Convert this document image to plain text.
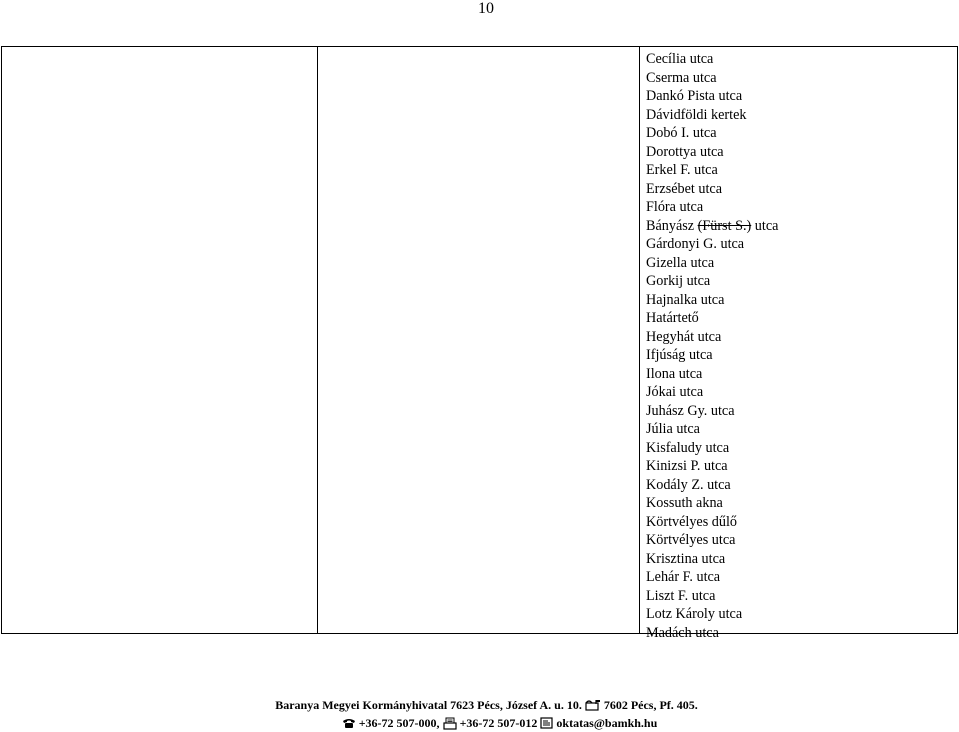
10
Cecília utca
Cserma utca
Dankó Pista utca
Dávidföldi kertek
Dobó I. utca
Dorottya utca
Erkel F. utca
Erzsébet utca
Flóra utca
Bányász (Fürst S.) utca
Gárdonyi G. utca
Gizella utca
Gorkij utca
Hajnalka utca
Határtető
Hegyhát utca
Ifjúság utca
Ilona utca
Jókai utca
Juhász Gy. utca
Júlia utca
Kisfaludy utca
Kinizsi P. utca
Kodály Z. utca
Kossuth akna
Körtvélyes dűlő
Körtvélyes utca
Krisztina utca
Lehár F. utca
Liszt F. utca
Lotz Károly utca
Madách utca
Baranya Megyei Kormányhivatal 7623 Pécs, József A. u. 10. 7602 Pécs, Pf. 405.
+36-72 507-000, +36-72 507-012 oktatas@bamkh.hu
